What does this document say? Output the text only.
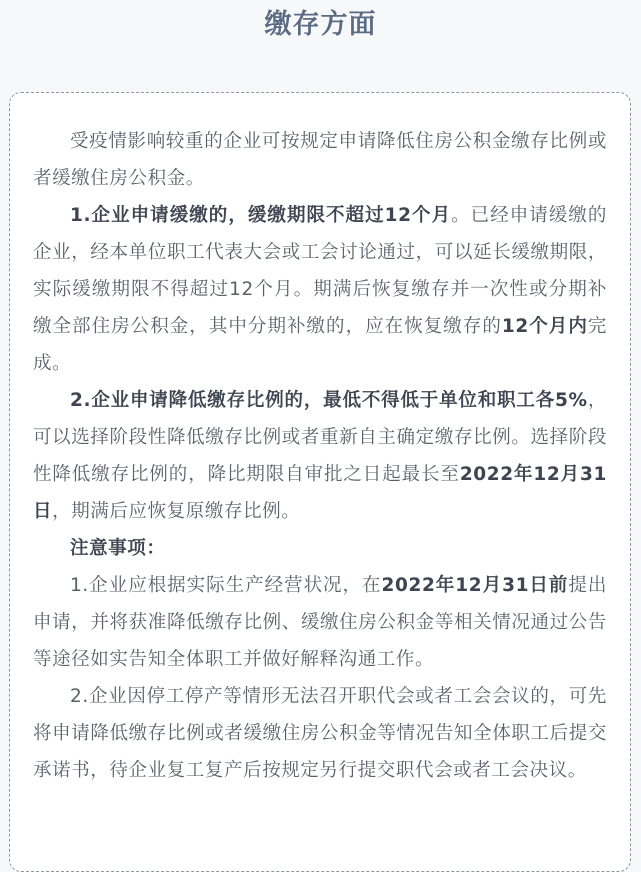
缴存方面

受疫情影响较重的企业可按规定申请降低住房公积金缴存比例或者缓缴住房公积金。

1.企业申请缓缴的，缓缴期限不超过12个月。已经申请缓缴的企业，经本单位职工代表大会或工会讨论通过，可以延长缓缴期限，实际缓缴期限不得超过12个月。期满后恢复缴存并一次性或分期补缴全部住房公积金，其中分期补缴的，应在恢复缴存的12个月内完成。

2.企业申请降低缴存比例的，最低不得低于单位和职工各5%，可以选择阶段性降低缴存比例或者重新自主确定缴存比例。选择阶段性降低缴存比例的，降比期限自审批之日起最长至2022年12月31日，期满后应恢复原缴存比例。

注意事项：

1.企业应根据实际生产经营状况，在2022年12月31日前提出申请，并将获准降低缴存比例、缓缴住房公积金等相关情况通过公告等途径如实告知全体职工并做好解释沟通工作。

2.企业因停工停产等情形无法召开职代会或者工会会议的，可先将申请降低缴存比例或者缓缴住房公积金等情况告知全体职工后提交承诺书，待企业复工复产后按规定另行提交职代会或者工会决议。
